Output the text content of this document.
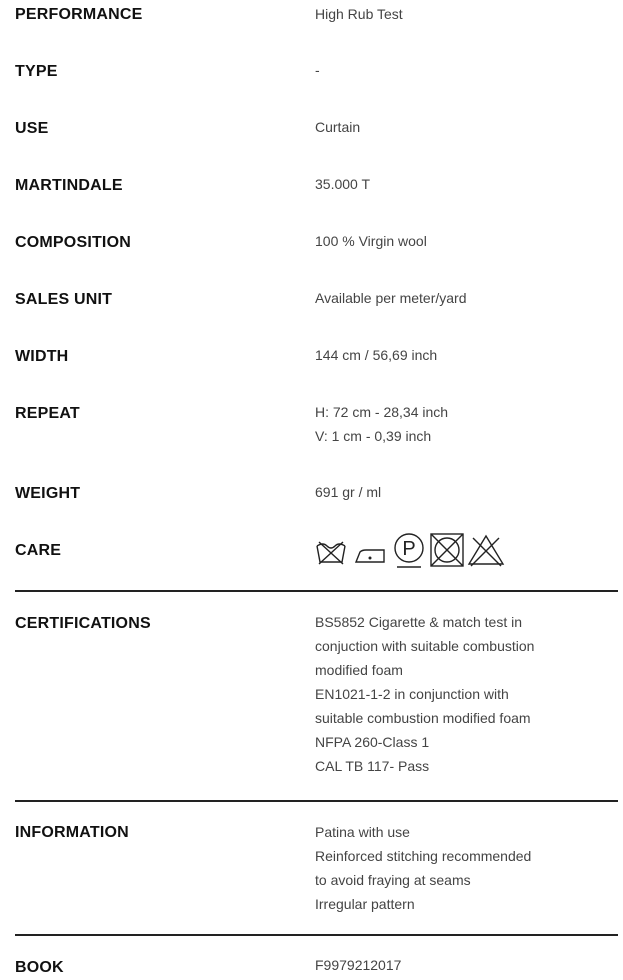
PERFORMANCE	High Rub Test
TYPE	-
USE	Curtain
MARTINDALE	35.000 T
COMPOSITION	100 % Virgin wool
SALES UNIT	Available per meter/yard
WIDTH	144 cm / 56,69 inch
REPEAT	H: 72 cm - 28,34 inch
V: 1 cm - 0,39 inch
WEIGHT	691 gr / ml
CARE	P
CERTIFICATIONS	BS5852 Cigarette & match test in
conjuction with suitable combustion
modified foam
EN1021-1-2 in conjunction with
suitable combustion modified foam
NFPA 260-Class 1
CAL TB 117- Pass
INFORMATION	Patina with use
Reinforced stitching recommended
to avoid fraying at seams
Irregular pattern
BOOK	F9979212017
